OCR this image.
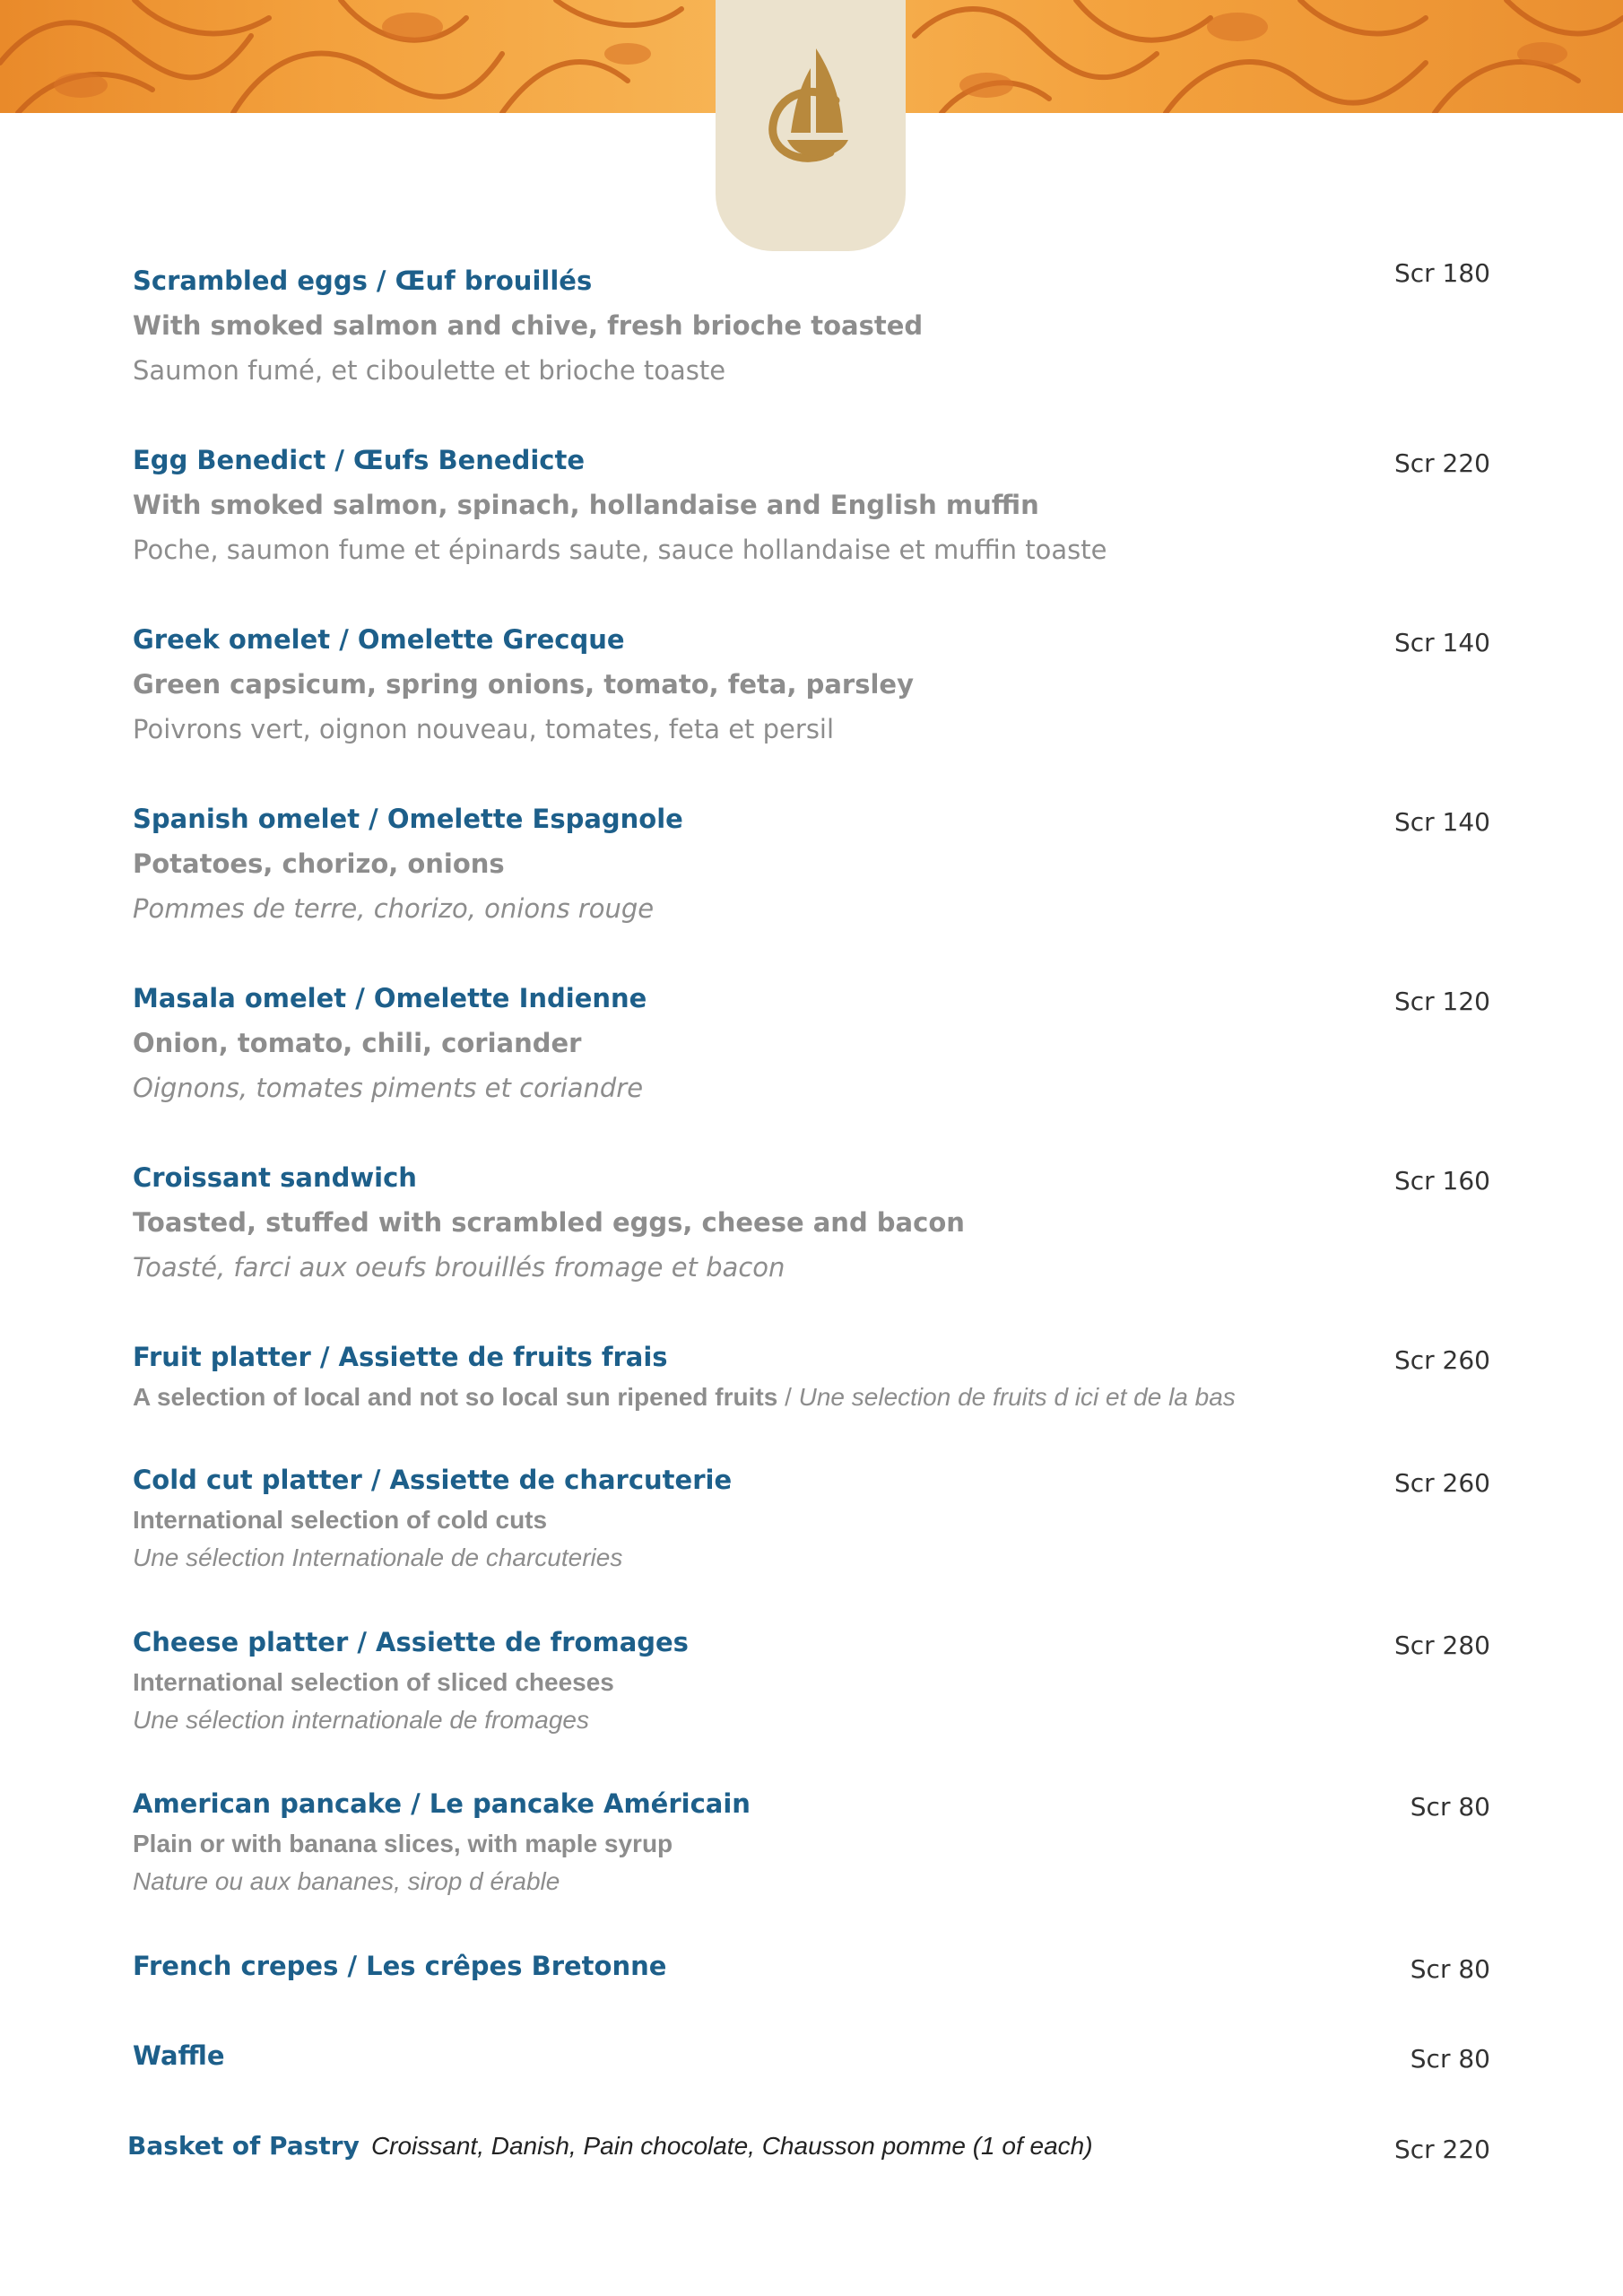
Scrambled eggs / Œuf brouillés
With smoked salmon and chive, fresh brioche toasted
Saumon fumé, et ciboulette et brioche toaste
Scr 180
Egg Benedict / Œufs Benedicte
With smoked salmon, spinach, hollandaise and English muffin
Poche, saumon fume et épinards saute, sauce hollandaise et muffin toaste
Scr 220
Greek omelet / Omelette Grecque
Green capsicum, spring onions, tomato, feta, parsley
Poivrons vert, oignon nouveau, tomates, feta et persil
Scr 140
Spanish omelet / Omelette Espagnole
Potatoes, chorizo, onions
Pommes de terre, chorizo, onions rouge
Scr 140
Masala omelet / Omelette Indienne
Onion, tomato, chili, coriander
Oignons, tomates piments et coriandre
Scr 120
Croissant sandwich
Toasted, stuffed with scrambled eggs, cheese and bacon
Toasté, farci aux oeufs brouillés fromage et bacon
Scr 160
Fruit platter / Assiette de fruits frais
A selection of local and not so local sun ripened fruits / Une selection de fruits d ici et de la bas
Scr 260
Cold cut platter / Assiette de charcuterie
International selection of cold cuts
Une sélection Internationale de charcuteries
Scr 260
Cheese platter / Assiette de fromages
International selection of sliced cheeses
Une sélection internationale de fromages
Scr 280
American pancake / Le pancake Américain
Plain or with banana slices, with maple syrup
Nature ou aux bananes, sirop d érable
Scr 80
French crepes / Les crêpes Bretonne	Scr 80
Waffle	Scr 80
Basket of Pastry Croissant, Danish, Pain chocolate, Chausson pomme (1 of each)	Scr 220
